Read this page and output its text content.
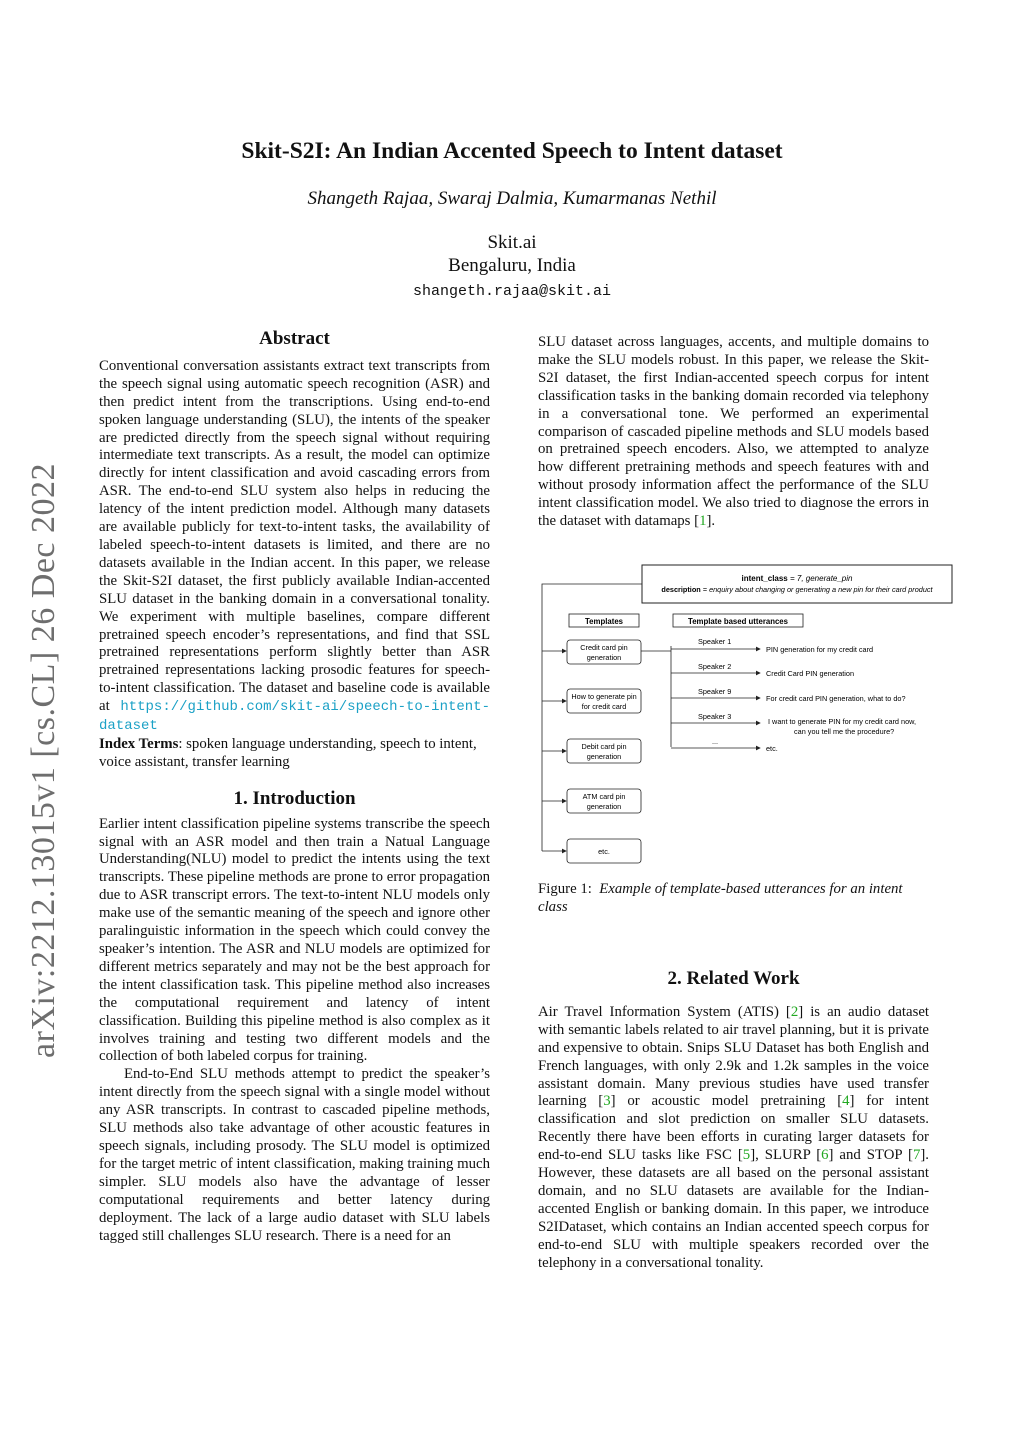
arXiv:2212.13015v1 [cs.CL] 26 Dec 2022
Skit-S2I: An Indian Accented Speech to Intent dataset
Shangeth Rajaa, Swaraj Dalmia, Kumarmanas Nethil
Skit.ai
Bengaluru, India
shangeth.rajaa@skit.ai

Abstract

Conventional conversation assistants extract text transcripts from the speech signal using automatic speech recognition (ASR) and then predict intent from the transcriptions. Using end-to-end spoken language understanding (SLU), the intents of the speaker are predicted directly from the speech signal without requiring intermediate text transcripts. As a result, the model can optimize directly for intent classification and avoid cascading errors from ASR. The end-to-end SLU system also helps in reducing the latency of the intent prediction model. Although many datasets are available publicly for text-to-intent tasks, the availability of labeled speech-to-intent datasets is limited, and there are no datasets available in the Indian accent. In this paper, we release the Skit-S2I dataset, the first publicly available Indian-accented SLU dataset in the banking domain in a conversational tonality. We experiment with multiple baselines, compare different pretrained speech encoder’s representations, and find that SSL pretrained representations perform slightly better than ASR pretrained representations lacking prosodic features for speech-to-intent classification. The dataset and baseline code is available at https://github.com/skit-ai/speech-to-intent-dataset

Index Terms: spoken language understanding, speech to intent, voice assistant, transfer learning

1. Introduction

Earlier intent classification pipeline systems transcribe the speech signal with an ASR model and then train a Natual Language Understanding(NLU) model to predict the intents using the text transcripts. These pipeline methods are prone to error propagation due to ASR transcript errors. The text-to-intent NLU models only make use of the semantic meaning of the speech and ignore other paralinguistic information in the speech which could convey the speaker’s intention. The ASR and NLU models are optimized for different metrics separately and may not be the best approach for the intent classification task. This pipeline method also increases the computational requirement and latency of intent classification. Building this pipeline method is also complex as it involves training and testing two different models and the collection of both labeled corpus for training.

End-to-End SLU methods attempt to predict the speaker’s intent directly from the speech signal with a single model without any ASR transcripts. In contrast to cascaded pipeline methods, SLU methods also take advantage of other acoustic features in speech signals, including prosody. The SLU model is optimized for the target metric of intent classification, making training much simpler. SLU models also have the advantage of lesser computational requirements and better latency during deployment. The lack of a large audio dataset with SLU labels tagged still challenges SLU research. There is a need for an

SLU dataset across languages, accents, and multiple domains to make the SLU models robust. In this paper, we release the Skit-S2I dataset, the first Indian-accented speech corpus for intent classification tasks in the banking domain recorded via telephony in a conversational tone. We performed an experimental comparison of cascaded pipeline methods and SLU models based on pretrained speech encoders. Also, we attempted to analyze how different pretraining methods and speech features with and without prosody information affect the performance of the SLU intent classification model. We also tried to diagnose the errors in the dataset with datamaps [1].

intent_class = 7, generate_pin
description = enquiry about changing or generating a new pin for their card product
Templates	Template based utterances
Credit card pin
generation
How to generate pin
for credit card
Debit card pin
generation
ATM card pin
generation
etc.
Speaker 1
Speaker 2
Speaker 9
Speaker 3
...
PIN generation for my credit card
Credit Card PIN generation
For credit card PIN generation, what to do?
I want to generate PIN for my credit card now,
can you tell me the procedure?
etc.
Figure 1: Example of template-based utterances for an intent class

2. Related Work

Air Travel Information System (ATIS) [2] is an audio dataset with semantic labels related to air travel planning, but it is private and expensive to obtain. Snips SLU Dataset has both English and French languages, with only 2.9k and 1.2k samples in the voice assistant domain. Many previous studies have used transfer learning [3] or acoustic model pretraining [4] for intent classification and slot prediction on smaller SLU datasets. Recently there have been efforts in curating larger datasets for end-to-end SLU tasks like FSC [5], SLURP [6] and STOP [7]. However, these datasets are all based on the personal assistant domain, and no SLU datasets are available for the Indian-accented English or banking domain. In this paper, we introduce S2IDataset, which contains an Indian accented speech corpus for end-to-end SLU with multiple speakers recorded over the telephony in a conversational tonality.
